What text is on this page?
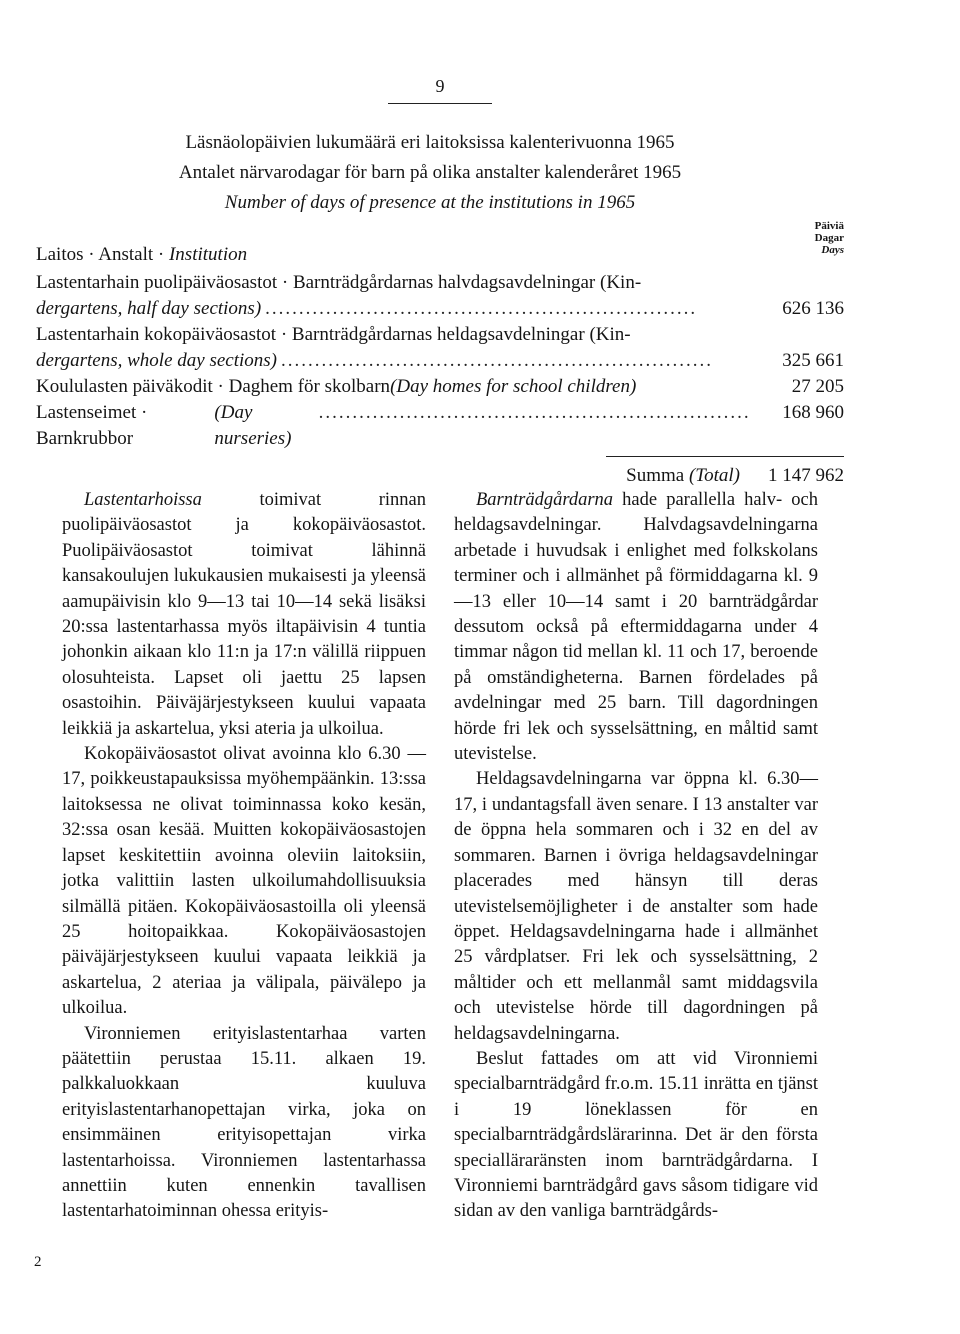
9
Läsnäolopäivien lukumäärä eri laitoksissa kalenterivuonna 1965
Antalet närvarodagar för barn på olika anstalter kalenderåret 1965
Number of days of presence at the institutions in 1965
Laitos · Anstalt · Institution
Päiviä
Dagar
Days
Lastentarhain puolipäiväosastot · Barnträdgårdarnas halvdagsavdelningar (Kin-
dergartens, half day sections) ................................................................	626 136
Lastentarhain kokopäiväosastot · Barnträdgårdarnas heldagsavdelningar (Kin-
dergartens, whole day sections) ................................................................	325 661
Koululasten päiväkodit · Daghem för skolbarn (Day homes for school children)	27 205
Lastenseimet · Barnkrubbor
(Day nurseries)
................................................................	168 960
Summa (Total)	1 147 962

Lastentarhoissa toimivat rinnan puolipäiväosastot ja kokopäiväosastot. Puolipäiväosastot toimivat lähinnä kansakoulujen lukukausien mukaisesti ja yleensä aamupäivisin klo 9—13 tai 10—14 sekä lisäksi 20:ssa lastentarhassa myös iltapäivisin 4 tuntia johonkin aikaan klo 11:n ja 17:n välillä riippuen olosuhteista. Lapset oli jaettu 25 lapsen osastoihin. Päiväjärjestykseen kuului vapaata leikkiä ja askartelua, yksi ateria ja ulkoilua.

Kokopäiväosastot olivat avoinna klo 6.30 —17, poikkeustapauksissa myöhempäänkin. 13:ssa laitoksessa ne olivat toiminnassa koko kesän, 32:ssa osan kesää. Muitten kokopäiväosastojen lapset keskitettiin avoinna oleviin laitoksiin, jotka valittiin lasten ulkoilumahdollisuuksia silmällä pitäen. Kokopäiväosastoilla oli yleensä 25 hoitopaikkaa. Kokopäiväosastojen päiväjärjestykseen kuului vapaata leikkiä ja askartelua, 2 ateriaa ja välipala, päivälepo ja ulkoilua.

Vironniemen erityislastentarhaa varten päätettiin perustaa 15.11. alkaen 19. palkkaluokkaan kuuluva erityislastentarhanopettajan virka, joka on ensimmäinen erityisopettajan virka lastentarhoissa. Vironniemen lastentarhassa annettiin kuten ennenkin tavallisen lastentarhatoiminnan ohessa erityis-

Barnträdgårdarna hade parallella halv- och heldagsavdelningar. Halvdagsavdelningarna arbetade i huvudsak i enlighet med folkskolans terminer och i allmänhet på förmiddagarna kl. 9—13 eller 10—14 samt i 20 barnträdgårdar dessutom också på eftermiddagarna under 4 timmar någon tid mellan kl. 11 och 17, beroende på omständigheterna. Barnen fördelades på avdelningar med 25 barn. Till dagordningen hörde fri lek och sysselsättning, en måltid samt utevistelse.

Heldagsavdelningarna var öppna kl. 6.30—17, i undantagsfall även senare. I 13 anstalter var de öppna hela sommaren och i 32 en del av sommaren. Barnen i övriga heldagsavdelningar placerades med hänsyn till deras utevistelsemöjligheter i de anstalter som hade öppet. Heldagsavdelningarna hade i allmänhet 25 vårdplatser. Fri lek och sysselsättning, 2 måltider och ett mellanmål samt middagsvila och utevistelse hörde till dagordningen på heldagsavdelningarna.

Beslut fattades om att vid Vironniemi specialbarnträdgård fr.o.m. 15.11 inrätta en tjänst i 19 löneklassen för en specialbarnträdgårdslärarinna. Det är den första specialläraränsten inom barnträdgårdarna. I Vironniemi barnträdgård gavs såsom tidigare vid sidan av den vanliga barnträdgårds-

2
